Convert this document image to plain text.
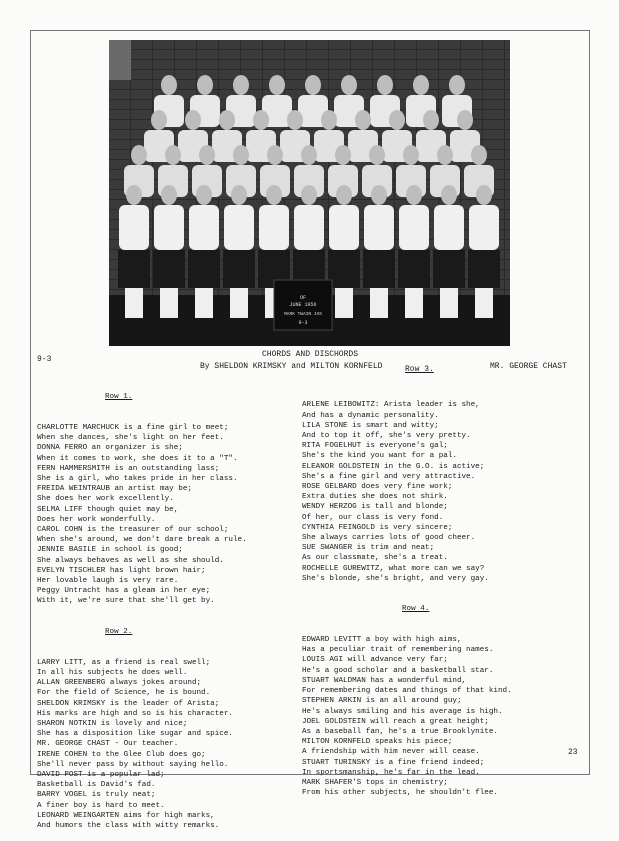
CLASS
OF
JUNE 1956
MARK TWAIN JHS
9-3
9-3
CHORDS AND DISCHORDS
By SHELDON KRIMSKY and MILTON KORNFELD	Row 3.	MR. GEORGE CHAST

Row 1.

CHARLOTTE MARCHUCK is a fine girl to meet;
When she dances, she's light on her feet.
DONNA FERRO an organizer is she;
When it comes to work, she does it to a "T".
FERN HAMMERSMITH is an outstanding lass;
She is a girl, who takes pride in her class.
FREIDA WEINTRAUB an artist may be;
She does her work excellently.
SELMA LIFF though quiet may be,
Does her work wonderfully.
CAROL COHN is the treasurer of our school;
When she's around, we don't dare break a rule.
JENNIE BASILE in school is good;
She always behaves as well as she should.
EVELYN TISCHLER has light brown hair;
Her lovable laugh is very rare.
Peggy Untracht has a gleam in her eye;
With it, we're sure that she'll get by.

Row 2.

LARRY LITT, as a friend is real swell;
In all his subjects he does well.
ALLAN GREENBERG always jokes around;
For the field of Science, he is bound.
SHELDON KRIMSKY is the leader of Arista;
His marks are high and so is his character.
SHARON NOTKIN is lovely and nice;
She has a disposition like sugar and spice.
MR. GEORGE CHAST - Our teacher.
IRENE COHEN to the Glee Club does go;
She'll never pass by without saying hello.
DAVID POST is a popular lad;
Basketball is David's fad.
BARRY VOGEL is truly neat;
A finer boy is hard to meet.
LEONARD WEINGARTEN aims for high marks,
And humors the class with witty remarks.

ARLENE LEIBOWITZ: Arista leader is she,
And has a dynamic personality.
LILA STONE is smart and witty;
And to top it off, she's very pretty.
RITA FOGELHUT is everyone's gal;
She's the kind you want for a pal.
ELEANOR GOLDSTEIN in the G.O. is active;
She's a fine girl and very attractive.
ROSE GELBARD does very fine work;
Extra duties she does not shirk.
WENDY HERZOG is tall and blonde;
Of her, our class is very fond.
CYNTHIA FEINGOLD is very sincere;
She always carries lots of good cheer.
SUE SWANGER is trim and neat;
As our classmate, she's a treat.
ROCHELLE GUREWITZ, what more can we say?
She's blonde, she's bright, and very gay.

Row 4.

EDWARD LEVITT a boy with high aims,
Has a peculiar trait of remembering names.
LOUIS AGI will advance very far;
He's a good scholar and a basketball star.
STUART WALDMAN has a wonderful mind,
For remembering dates and things of that kind.
STEPHEN ARKIN is an all around guy;
He's always smiling and his average is high.
JOEL GOLDSTEIN will reach a great height;
As a baseball fan, he's a true Brooklynite.
MILTON KORNFELD speaks his piece;
A friendship with him never will cease.
STUART TURINSKY is a fine friend indeed;
In sportsmanship, he's far in the lead.
MARK SHAFER'S tops in chemistry;
From his other subjects, he shouldn't flee.

23
